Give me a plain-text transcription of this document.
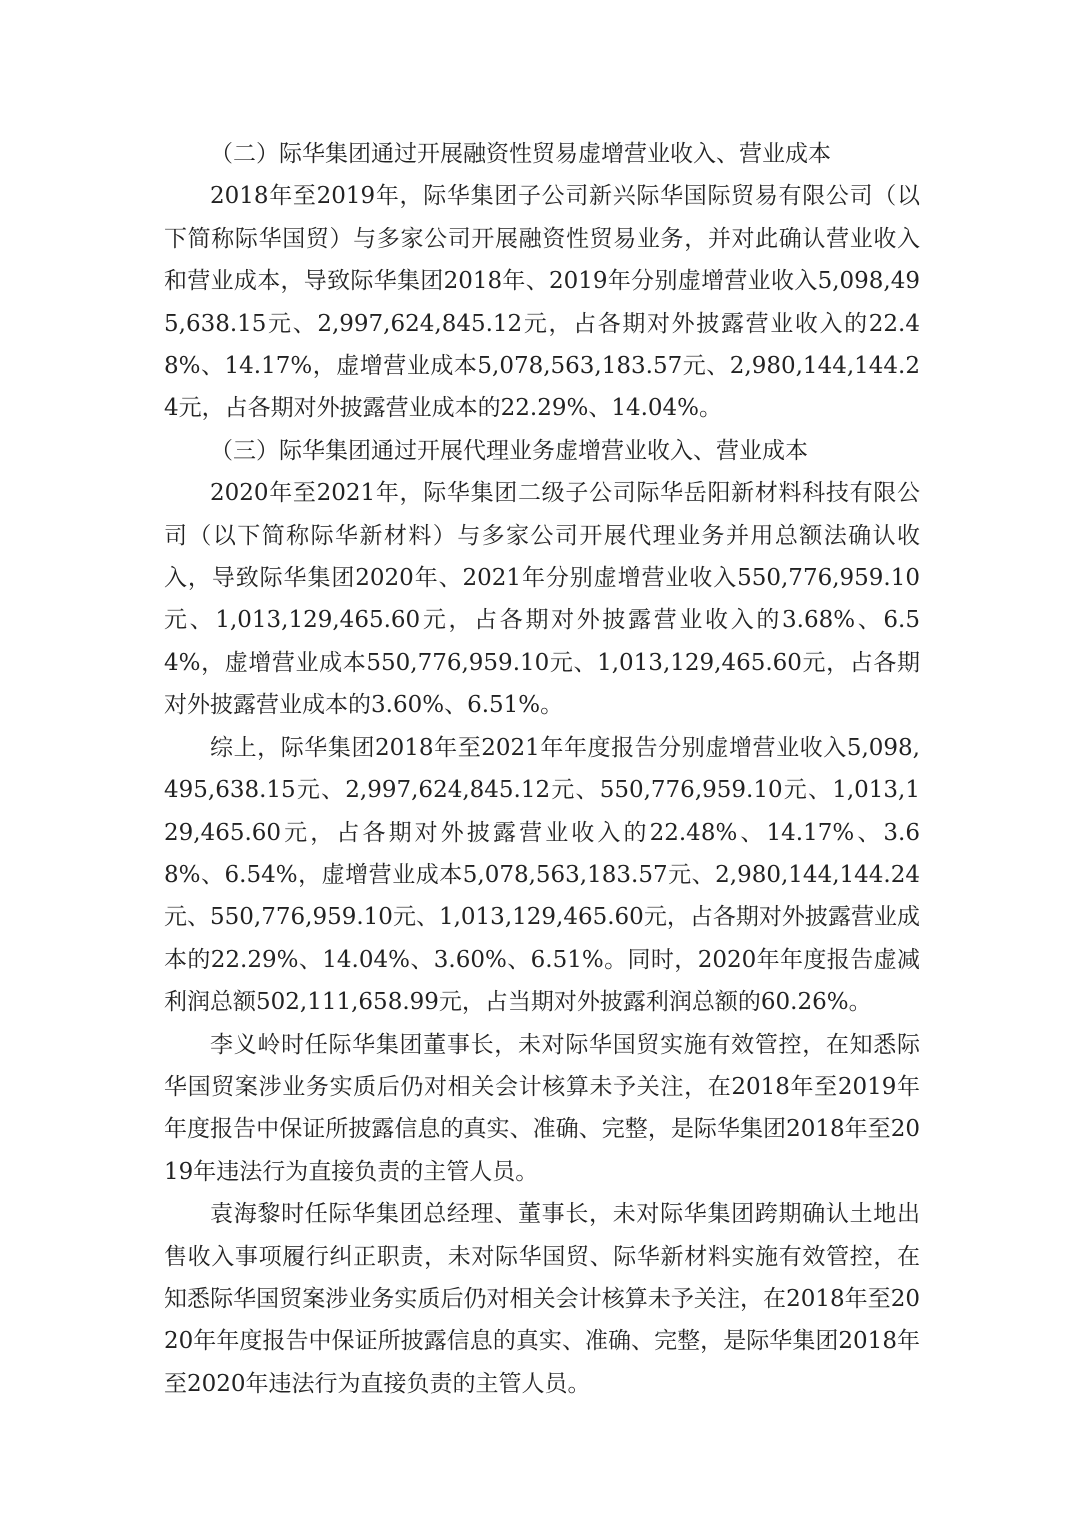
（二）际华集团通过开展融资性贸易虚增营业收入、营业成本

2018年至2019年，际华集团子公司新兴际华国际贸易有限公司（以下简称际华国贸）与多家公司开展融资性贸易业务，并对此确认营业收入和营业成本，导致际华集团2018年、2019年分别虚增营业收入5,098,495,638.15元、2,997,624,845.12元，占各期对外披露营业收入的22.48%、14.17%，虚增营业成本5,078,563,183.57元、2,980,144,144.24元，占各期对外披露营业成本的22.29%、14.04%。

（三）际华集团通过开展代理业务虚增营业收入、营业成本

2020年至2021年，际华集团二级子公司际华岳阳新材料科技有限公司（以下简称际华新材料）与多家公司开展代理业务并用总额法确认收入，导致际华集团2020年、2021年分别虚增营业收入550,776,959.10元、1,013,129,465.60元，占各期对外披露营业收入的3.68%、6.54%，虚增营业成本550,776,959.10元、1,013,129,465.60元，占各期对外披露营业成本的3.60%、6.51%。

综上，际华集团2018年至2021年年度报告分别虚增营业收入5,098,495,638.15元、2,997,624,845.12元、550,776,959.10元、1,013,129,465.60元，占各期对外披露营业收入的22.48%、14.17%、3.68%、6.54%，虚增营业成本5,078,563,183.57元、2,980,144,144.24元、550,776,959.10元、1,013,129,465.60元，占各期对外披露营业成本的22.29%、14.04%、3.60%、6.51%。同时，2020年年度报告虚减利润总额502,111,658.99元，占当期对外披露利润总额的60.26%。

李义岭时任际华集团董事长，未对际华国贸实施有效管控，在知悉际华国贸案涉业务实质后仍对相关会计核算未予关注，在2018年至2019年年度报告中保证所披露信息的真实、准确、完整，是际华集团2018年至2019年违法行为直接负责的主管人员。

袁海黎时任际华集团总经理、董事长，未对际华集团跨期确认土地出售收入事项履行纠正职责，未对际华国贸、际华新材料实施有效管控，在知悉际华国贸案涉业务实质后仍对相关会计核算未予关注，在2018年至2020年年度报告中保证所披露信息的真实、准确、完整，是际华集团2018年至2020年违法行为直接负责的主管人员。
